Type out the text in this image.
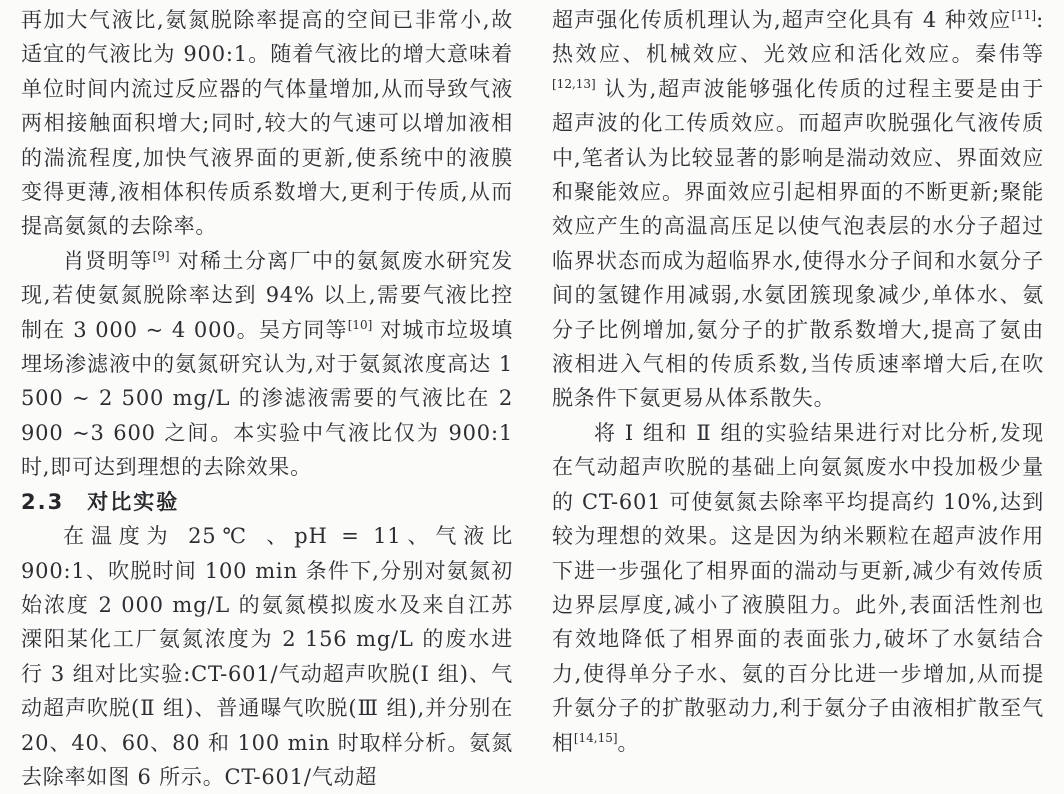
再加大气液比,氨氮脱除率提高的空间已非常小,故适宜的气液比为 900:1。随着气液比的增大意味着单位时间内流过反应器的气体量增加,从而导致气液两相接触面积增大;同时,较大的气速可以增加液相的湍流程度,加快气液界面的更新,使系统中的液膜变得更薄,液相体积传质系数增大,更利于传质,从而提高氨氮的去除率。

肖贤明等[9] 对稀土分离厂中的氨氮废水研究发现,若使氨氮脱除率达到 94% 以上,需要气液比控制在 3 000 ~ 4 000。吴方同等[10] 对城市垃圾填埋场渗滤液中的氨氮研究认为,对于氨氮浓度高达 1 500 ~ 2 500 mg/L 的渗滤液需要的气液比在 2 900 ~3 600 之间。本实验中气液比仅为 900:1 时,即可达到理想的去除效果。

2.3 对比实验

在温度为 25℃ 、pH = 11、气液比 900:1、吹脱时间 100 min 条件下,分别对氨氮初始浓度 2 000 mg/L 的氨氮模拟废水及来自江苏溧阳某化工厂氨氮浓度为 2 156 mg/L 的废水进行 3 组对比实验:CT-601/气动超声吹脱(Ⅰ 组)、气动超声吹脱(Ⅱ 组)、普通曝气吹脱(Ⅲ 组),并分别在 20、40、60、80 和 100 min 时取样分析。氨氮去除率如图 6 所示。CT-601/气动超

超声强化传质机理认为,超声空化具有 4 种效应[11]:热效应、机械效应、光效应和活化效应。秦伟等[12,13] 认为,超声波能够强化传质的过程主要是由于超声波的化工传质效应。而超声吹脱强化气液传质中,笔者认为比较显著的影响是湍动效应、界面效应和聚能效应。界面效应引起相界面的不断更新;聚能效应产生的高温高压足以使气泡表层的水分子超过临界状态而成为超临界水,使得水分子间和水氨分子间的氢键作用减弱,水氨团簇现象减少,单体水、氨分子比例增加,氨分子的扩散系数增大,提高了氨由液相进入气相的传质系数,当传质速率增大后,在吹脱条件下氨更易从体系散失。

将 Ⅰ 组和 Ⅱ 组的实验结果进行对比分析,发现在气动超声吹脱的基础上向氨氮废水中投加极少量的 CT-601 可使氨氮去除率平均提高约 10%,达到较为理想的效果。这是因为纳米颗粒在超声波作用下进一步强化了相界面的湍动与更新,减少有效传质边界层厚度,减小了液膜阻力。此外,表面活性剂也有效地降低了相界面的表面张力,破坏了水氨结合力,使得单分子水、氨的百分比进一步增加,从而提升氨分子的扩散驱动力,利于氨分子由液相扩散至气相[14,15]。
